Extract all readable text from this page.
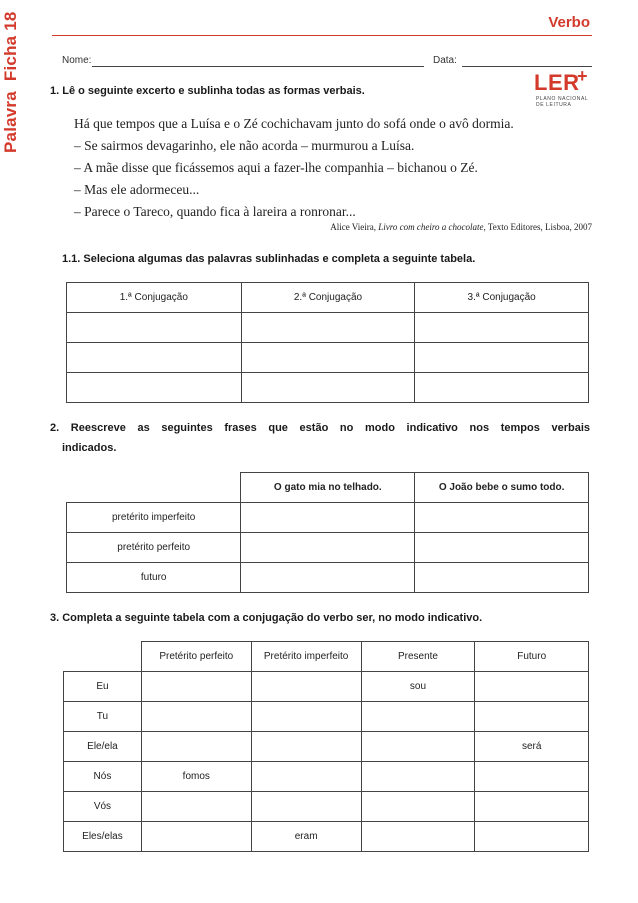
PalavraFicha 18	Verbo
Nome:	Data:
LER
+
PLANO NACIONAL DE LEITURA
1. Lê o seguinte excerto e sublinha todas as formas verbais.
Há que tempos que a Luísa e o Zé cochichavam junto do sofá onde o avô dormia.
– Se sairmos devagarinho, ele não acorda – murmurou a Luísa.
– A mãe disse que ficássemos aqui a fazer-lhe companhia – bichanou o Zé.
– Mas ele adormeceu...
– Parece o Tareco, quando fica à lareira a ronronar...
Alice Vieira, Livro com cheiro a chocolate, Texto Editores, Lisboa, 2007
1.1. Seleciona algumas das palavras sublinhadas e completa a seguinte tabela.
1.ª Conjugação	2.ª Conjugação	3.ª Conjugação

2. Reescreve as seguintes frases que estão no modo indicativo nos tempos verbais
indicados.
	O gato mia no telhado.	O João bebe o sumo todo.
pretérito imperfeito		
pretérito perfeito		
futuro		
3. Completa a seguinte tabela com a conjugação do verbo ser, no modo indicativo.
	Pretérito perfeito	Pretérito imperfeito	Presente	Futuro
Eu			sou	
Tu				
Ele/ela				será
Nós	fomos			
Vós				
Eles/elas		eram		
